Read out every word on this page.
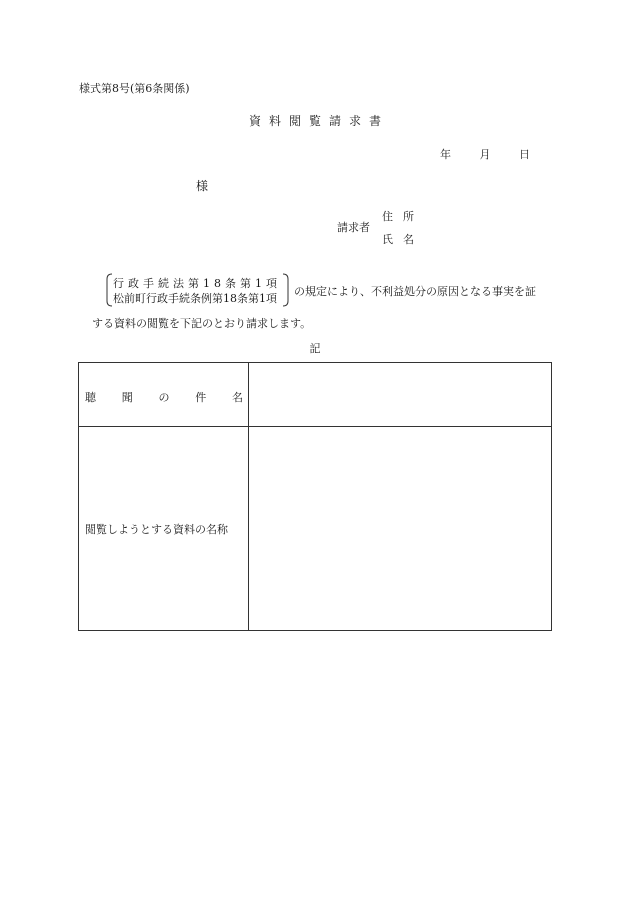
様式第8号(第6条関係)
資料閲覧請求書
年	月	日
様
請求者
住所
氏名
行政手続法第18条第1項
松前町行政手続条例第18条第1項
の規定により、不利益処分の原因となる事実を証
する資料の閲覧を下記のとおり請求します。
記
聴 聞 の 件 名
閲覧しようとする資料の名称
